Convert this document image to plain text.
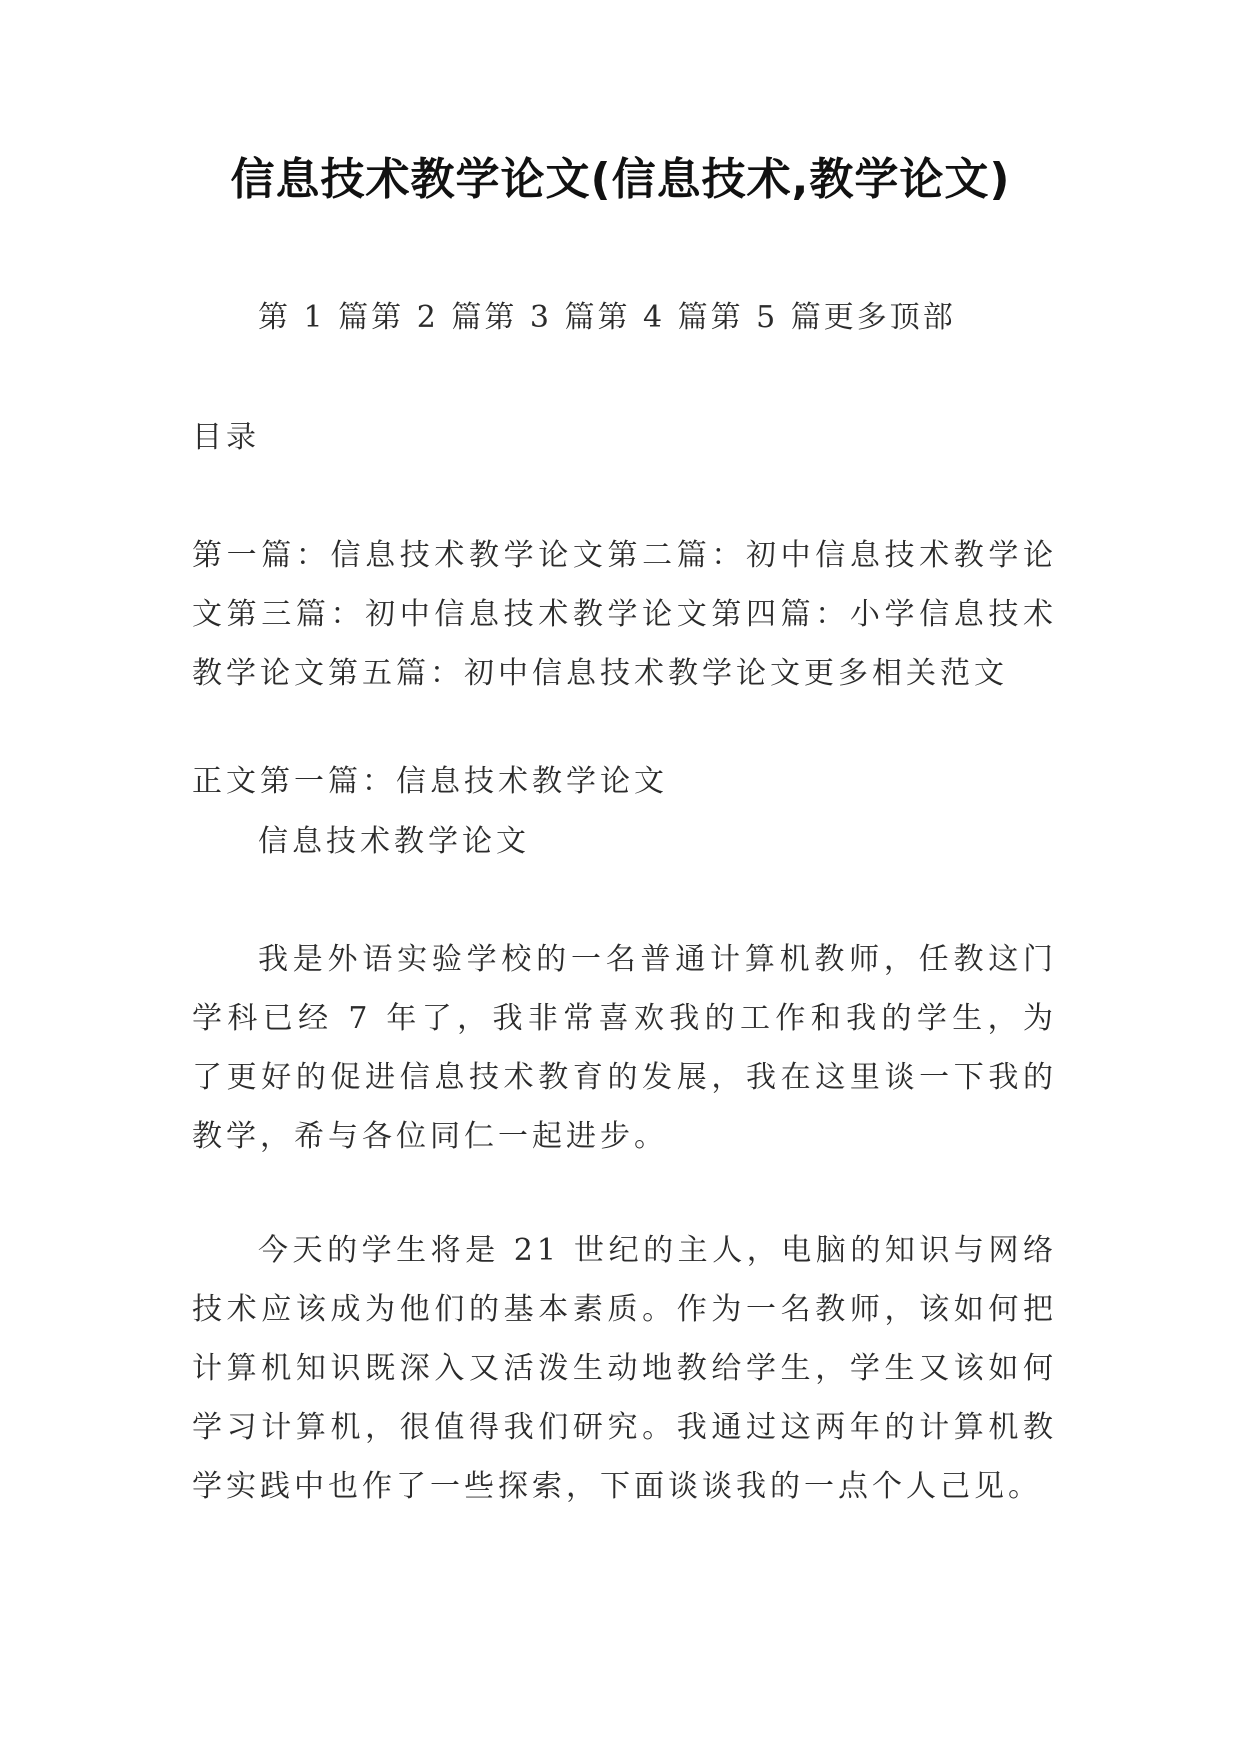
信息技术教学论文(信息技术,教学论文)
第 1 篇第 2 篇第 3 篇第 4 篇第 5 篇更多顶部
目录
第一篇：信息技术教学论文第二篇：初中信息技术教学论文第三篇：初中信息技术教学论文第四篇：小学信息技术教学论文第五篇：初中信息技术教学论文更多相关范文
正文第一篇：信息技术教学论文
信息技术教学论文
我是外语实验学校的一名普通计算机教师，任教这门学科已经 7 年了，我非常喜欢我的工作和我的学生，为了更好的促进信息技术教育的发展，我在这里谈一下我的教学，希与各位同仁一起进步。
今天的学生将是 21 世纪的主人，电脑的知识与网络技术应该成为他们的基本素质。作为一名教师，该如何把计算机知识既深入又活泼生动地教给学生，学生又该如何学习计算机，很值得我们研究。我通过这两年的计算机教学实践中也作了一些探索，下面谈谈我的一点个人己见。
